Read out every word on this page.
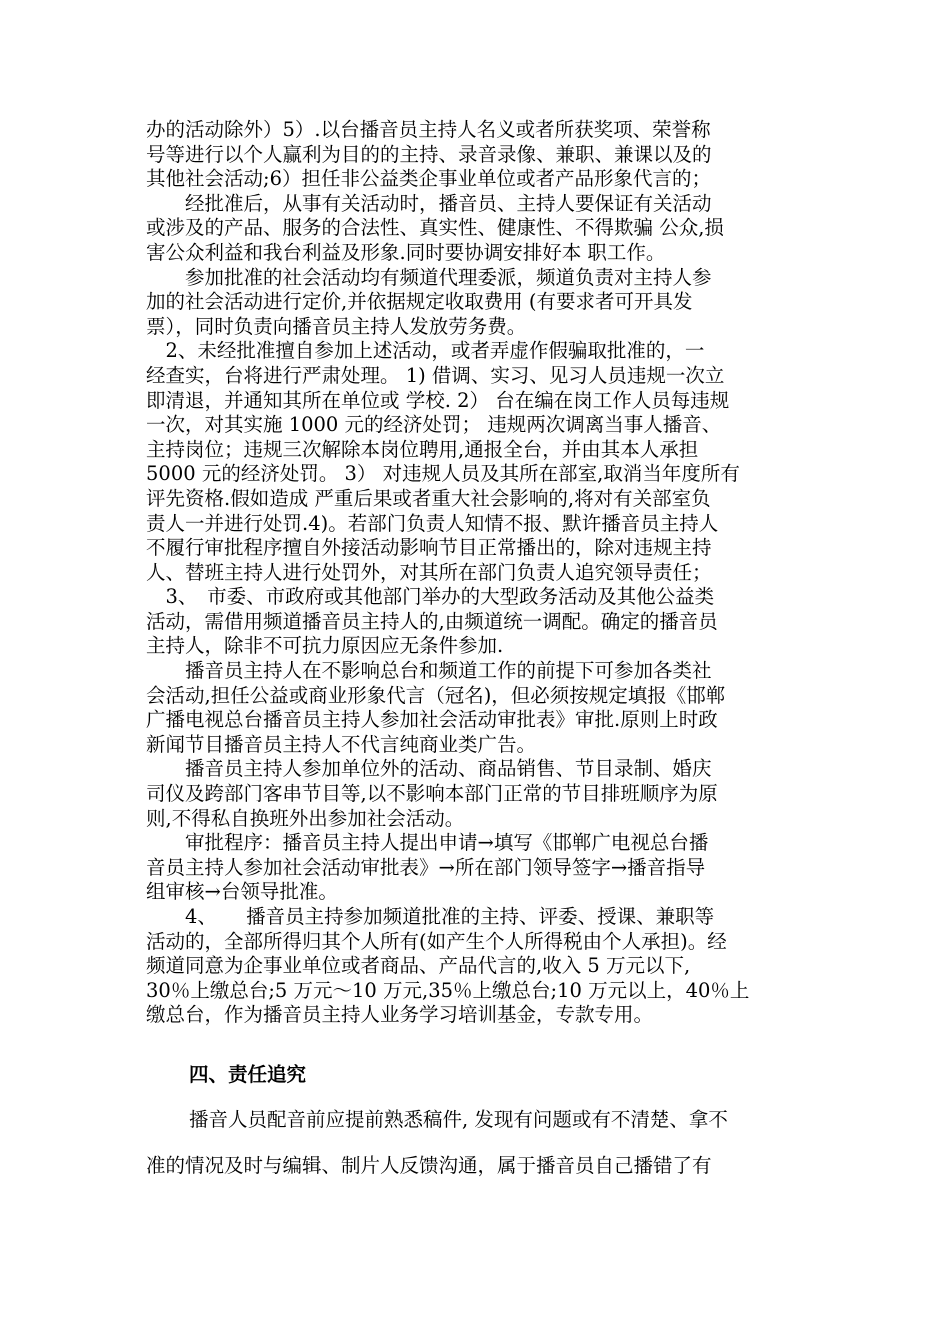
办的活动除外）5）.以台播音员主持人名义或者所获奖项、荣誉称
号等进行以个人赢利为目的的主持、录音录像、兼职、兼课以及的
其他社会活动;6）担任非公益类企事业单位或者产品形象代言的；
　　经批准后，从事有关活动时，播音员、主持人要保证有关活动
或涉及的产品、服务的合法性、真实性、健康性、不得欺骗 公众,损
害公众利益和我台利益及形象.同时要协调安排好本 职工作。
　　参加批准的社会活动均有频道代理委派，频道负责对主持人参
加的社会活动进行定价,并依据规定收取费用 (有要求者可开具发
票），同时负责向播音员主持人发放劳务费。
　2、未经批准擅自参加上述活动，或者弄虚作假骗取批准的，一
经查实，台将进行严肃处理。 1) 借调、实习、见习人员违规一次立
即清退，并通知其所在单位或 学校. 2） 台在编在岗工作人员每违规
一次，对其实施 1000 元的经济处罚； 违规两次调离当事人播音、
主持岗位；违规三次解除本岗位聘用,通报全台，并由其本人承担
5000 元的经济处罚。 3） 对违规人员及其所在部室,取消当年度所有
评先资格.假如造成 严重后果或者重大社会影响的,将对有关部室负
责人一并进行处罚.4)。若部门负责人知情不报、默许播音员主持人
不履行审批程序擅自外接活动影响节目正常播出的，除对违规主持
人、替班主持人进行处罚外，对其所在部门负责人追究领导责任；
　3、　市委、市政府或其他部门举办的大型政务活动及其他公益类
活动，需借用频道播音员主持人的,由频道统一调配。确定的播音员
主持人，除非不可抗力原因应无条件参加.
　　播音员主持人在不影响总台和频道工作的前提下可参加各类社
会活动,担任公益或商业形象代言（冠名)，但必须按规定填报《邯郸
广播电视总台播音员主持人参加社会活动审批表》审批.原则上时政
新闻节目播音员主持人不代言纯商业类广告。
　　播音员主持人参加单位外的活动、商品销售、节目录制、婚庆
司仪及跨部门客串节目等,以不影响本部门正常的节目排班顺序为原
则,不得私自换班外出参加社会活动。
　　审批程序：播音员主持人提出申请→填写《邯郸广电视总台播
音员主持人参加社会活动审批表》→所在部门领导签字→播音指导
组审核→台领导批准。
　　4、　　播音员主持参加频道批准的主持、评委、授课、兼职等
活动的，全部所得归其个人所有(如产生个人所得税由个人承担)。经
频道同意为企事业单位或者商品、产品代言的,收入 5 万元以下,
30％上缴总台;5 万元～10 万元,35％上缴总台;10 万元以上，40％上
缴总台，作为播音员主持人业务学习培训基金，专款专用。
四、责任追究
播音人员配音前应提前熟悉稿件, 发现有问题或有不清楚、拿不
准的情况及时与编辑、制片人反馈沟通，属于播音员自己播错了有
